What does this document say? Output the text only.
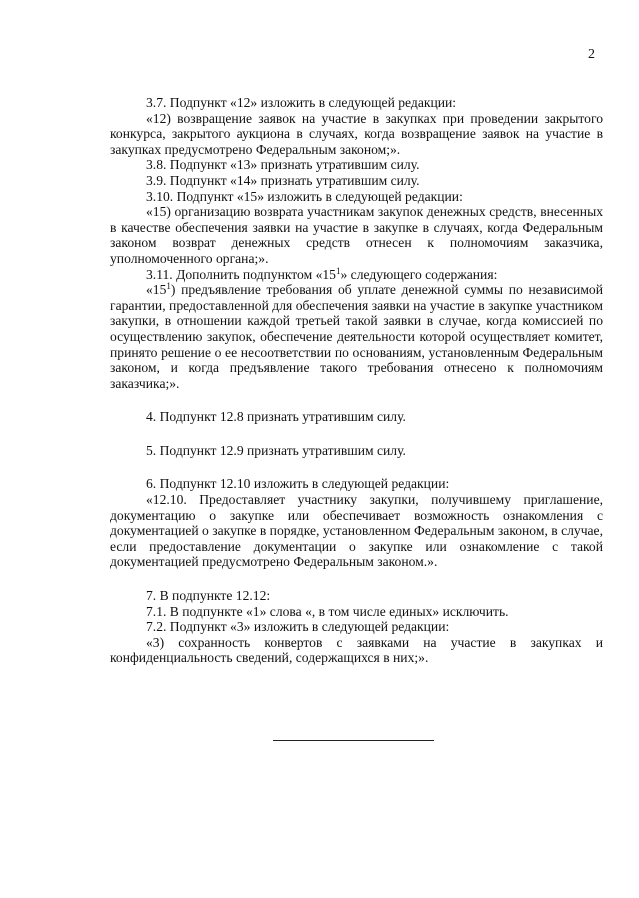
2

3.7. Подпункт «12» изложить в следующей редакции:

«12) возвращение заявок на участие в закупках при проведении закрытого конкурса, закрытого аукциона в случаях, когда возвращение заявок на участие в закупках предусмотрено Федеральным законом;».

3.8. Подпункт «13» признать утратившим силу.

3.9. Подпункт «14» признать утратившим силу.

3.10. Подпункт «15» изложить в следующей редакции:

«15) организацию возврата участникам закупок денежных средств, внесенных в качестве обеспечения заявки на участие в закупке в случаях, когда Федеральным законом возврат денежных средств отнесен к полномочиям заказчика, уполномоченного органа;».

3.11. Дополнить подпунктом «$15^1$» следующего содержания:

«$15^1$) предъявление требования об уплате денежной суммы по независимой гарантии, предоставленной для обеспечения заявки на участие в закупке участником закупки, в отношении каждой третьей такой заявки в случае, когда комиссией по осуществлению закупок, обеспечение деятельности которой осуществляет комитет, принято решение о ее несоответствии по основаниям, установленным Федеральным законом, и когда предъявление такого требования отнесено к полномочиям заказчика;».

4. Подпункт 12.8 признать утратившим силу.

5. Подпункт 12.9 признать утратившим силу.

6. Подпункт 12.10 изложить в следующей редакции:

«12.10. Предоставляет участнику закупки, получившему приглашение, документацию о закупке или обеспечивает возможность ознакомления с документацией о закупке в порядке, установленном Федеральным законом, в случае, если предоставление документации о закупке или ознакомление с такой документацией предусмотрено Федеральным законом.».

7. В подпункте 12.12:

7.1. В подпункте «1» слова «, в том числе единых» исключить.

7.2. Подпункт «3» изложить в следующей редакции:

«3) сохранность конвертов с заявками на участие в закупках и конфиденциальность сведений, содержащихся в них;».
